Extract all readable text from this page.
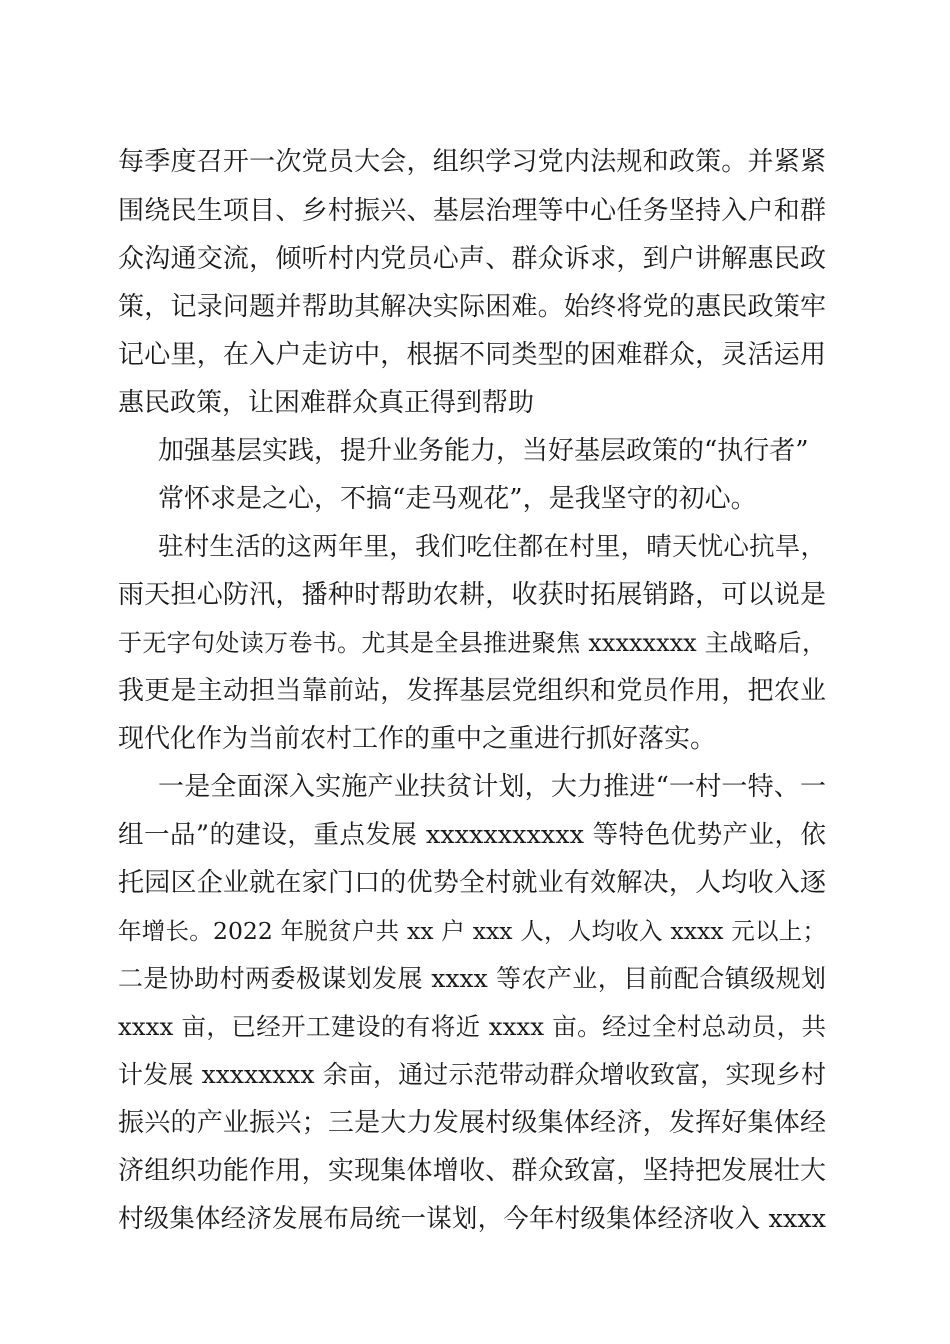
每季度召开一次党员大会，组织学习党内法规和政策。并紧紧
围绕民生项目、乡村振兴、基层治理等中心任务坚持入户和群
众沟通交流，倾听村内党员心声、群众诉求，到户讲解惠民政
策，记录问题并帮助其解决实际困难。始终将党的惠民政策牢
记心里，在入户走访中，根据不同类型的困难群众，灵活运用
惠民政策，让困难群众真正得到帮助
加强基层实践，提升业务能力，当好基层政策的“执行者”
常怀求是之心，不搞“走马观花”，是我坚守的初心。
驻村生活的这两年里，我们吃住都在村里，晴天忧心抗旱，
雨天担心防汛，播种时帮助农耕，收获时拓展销路，可以说是
于无字句处读万卷书。尤其是全县推进聚焦 xxxxxxxx 主战略后，
我更是主动担当靠前站，发挥基层党组织和党员作用，把农业
现代化作为当前农村工作的重中之重进行抓好落实。
一是全面深入实施产业扶贫计划，大力推进“一村一特、一
组一品”的建设，重点发展 xxxxxxxxxxx 等特色优势产业，依
托园区企业就在家门口的优势全村就业有效解决，人均收入逐
年增长。2022 年脱贫户共 xx 户 xxx 人，人均收入 xxxx 元以上；
二是协助村两委极谋划发展 xxxx 等农产业，目前配合镇级规划
xxxx 亩，已经开工建设的有将近 xxxx 亩。经过全村总动员，共
计发展 xxxxxxxx 余亩，通过示范带动群众增收致富，实现乡村
振兴的产业振兴；三是大力发展村级集体经济，发挥好集体经
济组织功能作用，实现集体增收、群众致富，坚持把发展壮大
村级集体经济发展布局统一谋划，今年村级集体经济收入 xxxx
